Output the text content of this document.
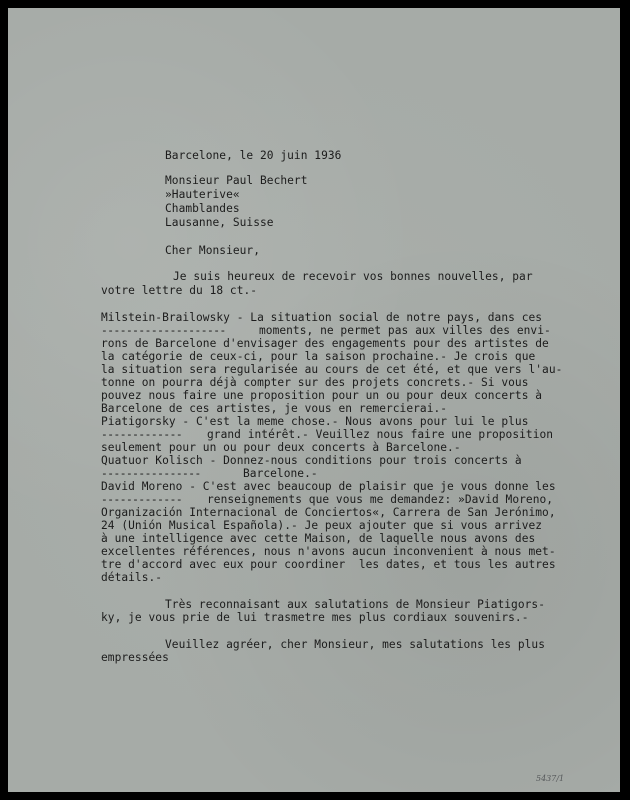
Barcelone, le 20 juin 1936
Monsieur Paul Bechert
»Hauterive«
Chamblandes
Lausanne, Suisse
Cher Monsieur,
Je suis heureux de recevoir vos bonnes nouvelles, par
votre lettre du 18 ct.-
Milstein-Brailowsky - La situation social de notre pays, dans ces
--------------------	moments, ne permet pas aux villes des envi-
rons de Barcelone d'envisager des engagements pour des artistes de
la catégorie de ceux-ci, pour la saison prochaine.- Je crois que
la situation sera regularisée au cours de cet été, et que vers l'au-
tonne on pourra déjà compter sur des projets concrets.- Si vous
pouvez nous faire une proposition pour un ou pour deux concerts à
Barcelone de ces artistes, je vous en remercierai.-
Piatigorsky - C'est la meme chose.- Nous avons pour lui le plus
------------- grand intérêt.- Veuillez nous faire une proposition
seulement pour un ou pour deux concerts à Barcelone.-
Quatuor Kolisch - Donnez-nous conditions pour trois concerts à
----------------	Barcelone.-
David Moreno - C'est avec beaucoup de plaisir que je vous donne les
------------- renseignements que vous me demandez: »David Moreno,
Organización Internacional de Conciertos«, Carrera de San Jerónimo,
24 (Unión Musical Española).- Je peux ajouter que si vous arrivez
à une intelligence avec cette Maison, de laquelle nous avons des
excellentes références, nous n'avons aucun inconvenient à nous met-
tre d'accord avec eux pour coordiner  les dates, et tous les autres
détails.-
Très reconnaisant aux salutations de Monsieur Piatigors-
ky, je vous prie de lui trasmetre mes plus cordiaux souvenirs.-
Veuillez agréer, cher Monsieur, mes salutations les plus
empressées
5437/1
